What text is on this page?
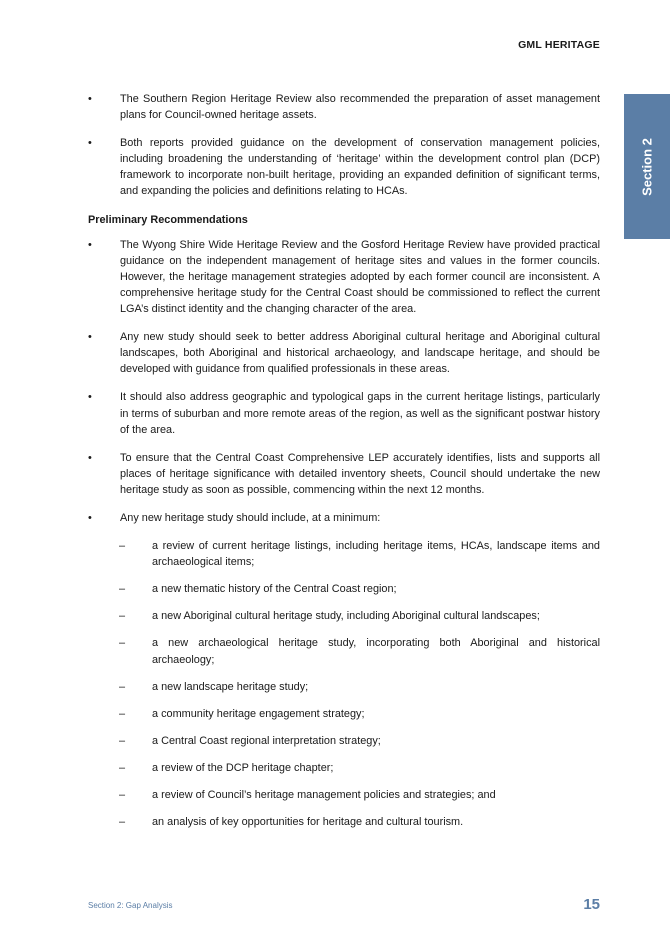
GML HERITAGE
Section 2
•	The Southern Region Heritage Review also recommended the preparation of asset management plans for Council-owned heritage assets.
•	Both reports provided guidance on the development of conservation management policies, including broadening the understanding of ‘heritage’ within the development control plan (DCP) framework to incorporate non-built heritage, providing an expanded definition of significant terms, and expanding the policies and definitions relating to HCAs.
Preliminary Recommendations
•	The Wyong Shire Wide Heritage Review and the Gosford Heritage Review have provided practical guidance on the independent management of heritage sites and values in the former councils. However, the heritage management strategies adopted by each former council are inconsistent. A comprehensive heritage study for the Central Coast should be commissioned to reflect the current LGA’s distinct identity and the changing character of the area.
•	Any new study should seek to better address Aboriginal cultural heritage and Aboriginal cultural landscapes, both Aboriginal and historical archaeology, and landscape heritage, and should be developed with guidance from qualified professionals in these areas.
•	It should also address geographic and typological gaps in the current heritage listings, particularly in terms of suburban and more remote areas of the region, as well as the significant postwar history of the area.
•	To ensure that the Central Coast Comprehensive LEP accurately identifies, lists and supports all places of heritage significance with detailed inventory sheets, Council should undertake the new heritage study as soon as possible, commencing within the next 12 months.
•	Any new heritage study should include, at a minimum:
– a review of current heritage listings, including heritage items, HCAs, landscape items and archaeological items;
– a new thematic history of the Central Coast region;
– a new Aboriginal cultural heritage study, including Aboriginal cultural landscapes;
– a new archaeological heritage study, incorporating both Aboriginal and historical archaeology;
– a new landscape heritage study;
– a community heritage engagement strategy;
– a Central Coast regional interpretation strategy;
– a review of the DCP heritage chapter;
– a review of Council’s heritage management policies and strategies; and
– an analysis of key opportunities for heritage and cultural tourism.
Section 2: Gap Analysis	15
